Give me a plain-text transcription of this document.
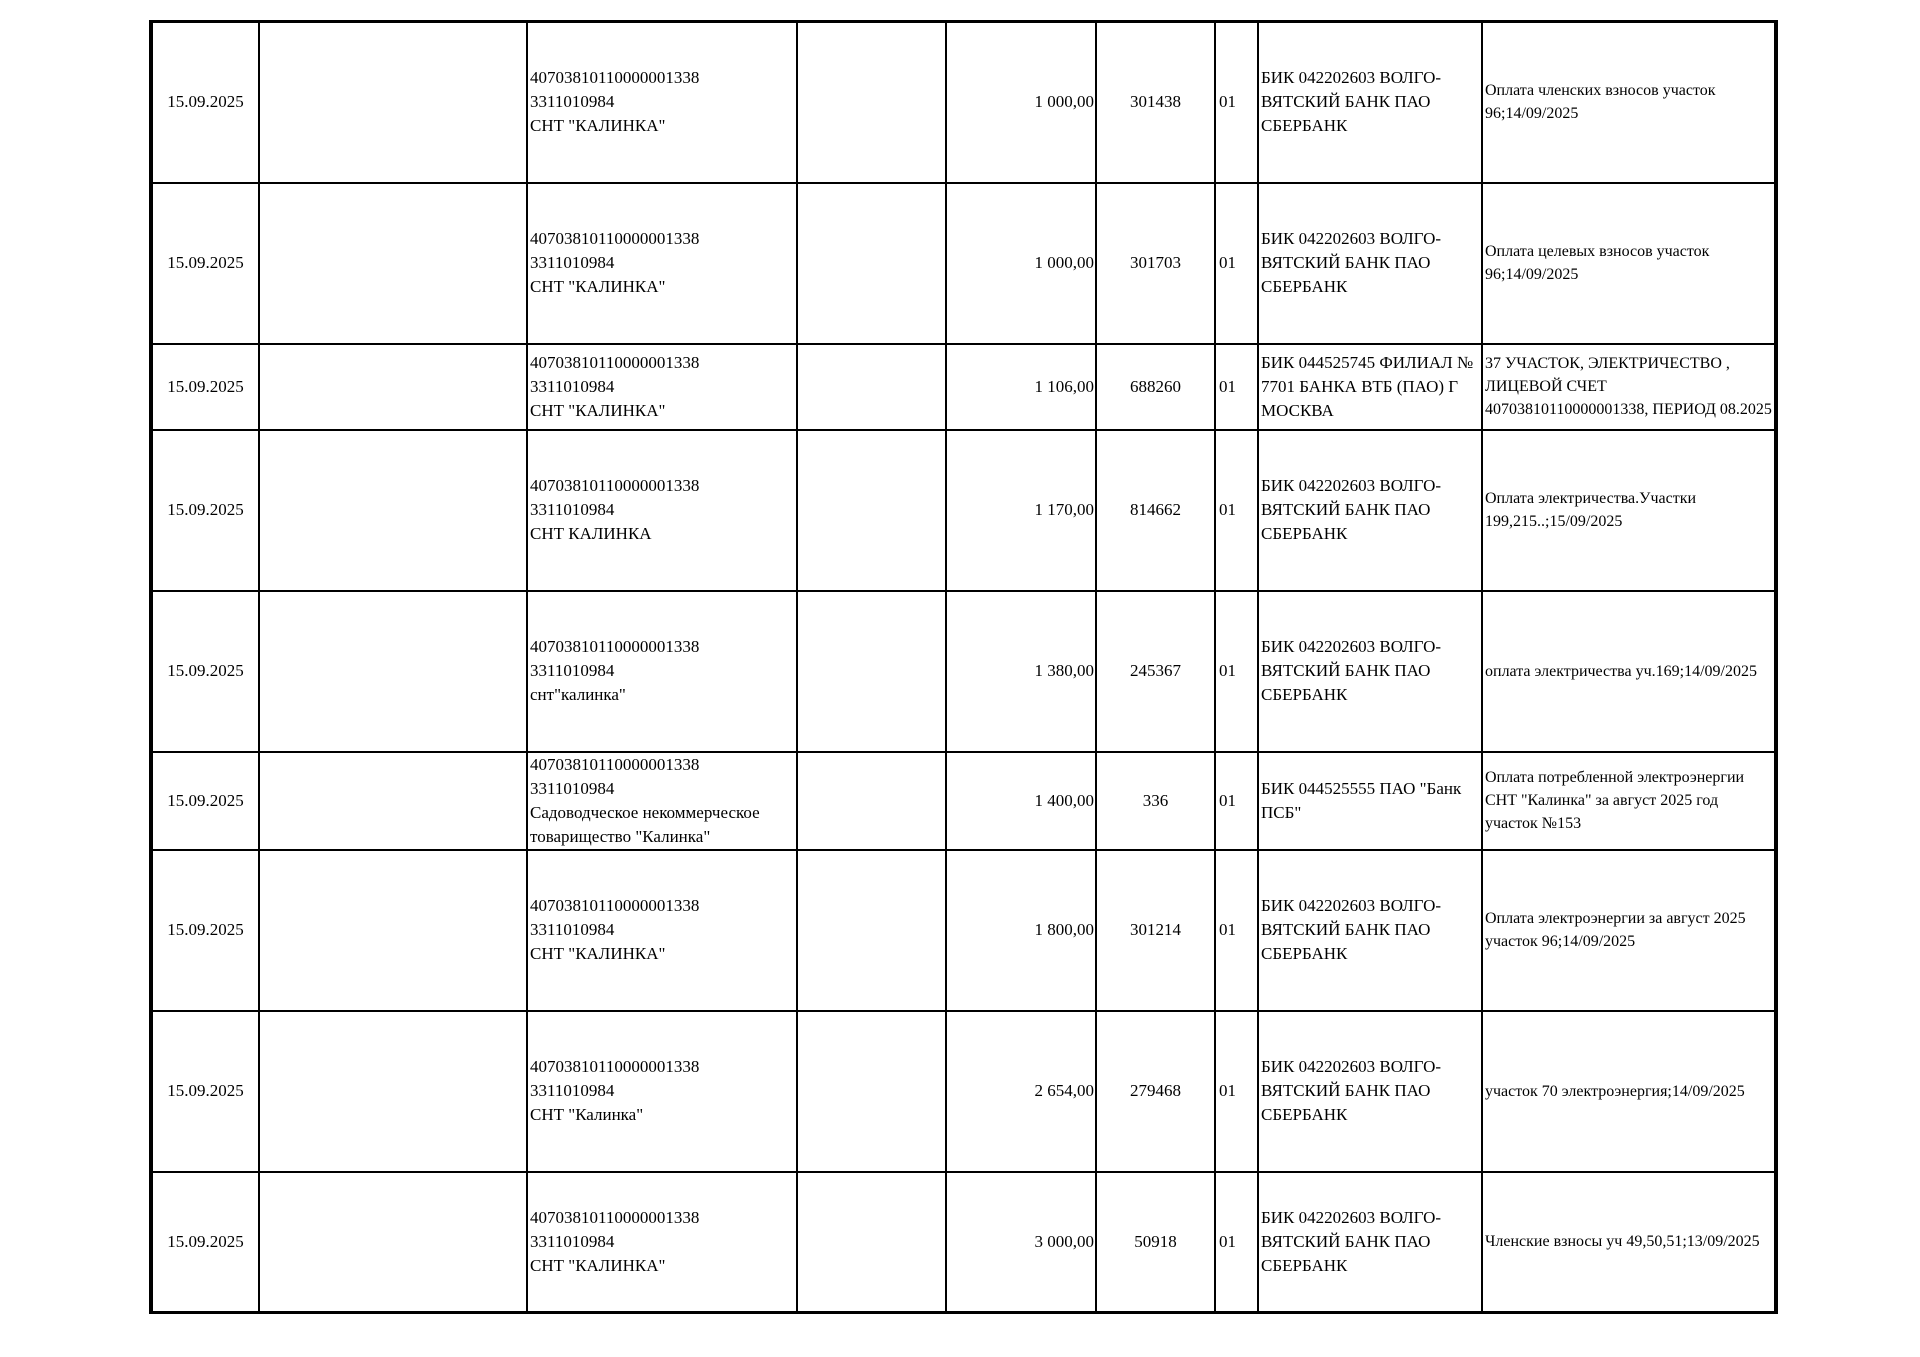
15.09.2025		40703810110000001338
3311010984
СНТ "КАЛИНКА"		1 000,00	301438	01	БИК 042202603 ВОЛГО-ВЯТСКИЙ БАНК ПАО СБЕРБАНК	Оплата членских взносов участок 96;14/09/2025
15.09.2025		40703810110000001338
3311010984
СНТ "КАЛИНКА"		1 000,00	301703	01	БИК 042202603 ВОЛГО-ВЯТСКИЙ БАНК ПАО СБЕРБАНК	Оплата целевых взносов участок 96;14/09/2025
15.09.2025		40703810110000001338
3311010984
СНТ "КАЛИНКА"		1 106,00	688260	01	БИК 044525745 ФИЛИАЛ № 7701 БАНКА ВТБ (ПАО) Г МОСКВА	37 УЧАСТОК, ЭЛЕКТРИЧЕСТВО , ЛИЦЕВОЙ СЧЕТ 40703810110000001338, ПЕРИОД 08.2025
15.09.2025		40703810110000001338
3311010984
СНТ КАЛИНКА		1 170,00	814662	01	БИК 042202603 ВОЛГО-ВЯТСКИЙ БАНК ПАО СБЕРБАНК	Оплата электричества.Участки 199,215..;15/09/2025
15.09.2025		40703810110000001338
3311010984
снт"калинка"		1 380,00	245367	01	БИК 042202603 ВОЛГО-ВЯТСКИЙ БАНК ПАО СБЕРБАНК	оплата электричества уч.169;14/09/2025
15.09.2025		40703810110000001338
3311010984
Садоводческое некоммерческое товарищество "Калинка"		1 400,00	336	01	БИК 044525555 ПАО "Банк ПСБ"	Оплата потребленной электроэнергии СНТ "Калинка" за август 2025 год участок №153
15.09.2025		40703810110000001338
3311010984
СНТ "КАЛИНКА"		1 800,00	301214	01	БИК 042202603 ВОЛГО-ВЯТСКИЙ БАНК ПАО СБЕРБАНК	Оплата электроэнергии за август 2025 участок 96;14/09/2025
15.09.2025		40703810110000001338
3311010984
СНТ "Калинка"		2 654,00	279468	01	БИК 042202603 ВОЛГО-ВЯТСКИЙ БАНК ПАО СБЕРБАНК	участок 70 электроэнергия;14/09/2025
15.09.2025		40703810110000001338
3311010984
СНТ "КАЛИНКА"		3 000,00	50918	01	БИК 042202603 ВОЛГО-ВЯТСКИЙ БАНК ПАО СБЕРБАНК	Членские взносы уч 49,50,51;13/09/2025
